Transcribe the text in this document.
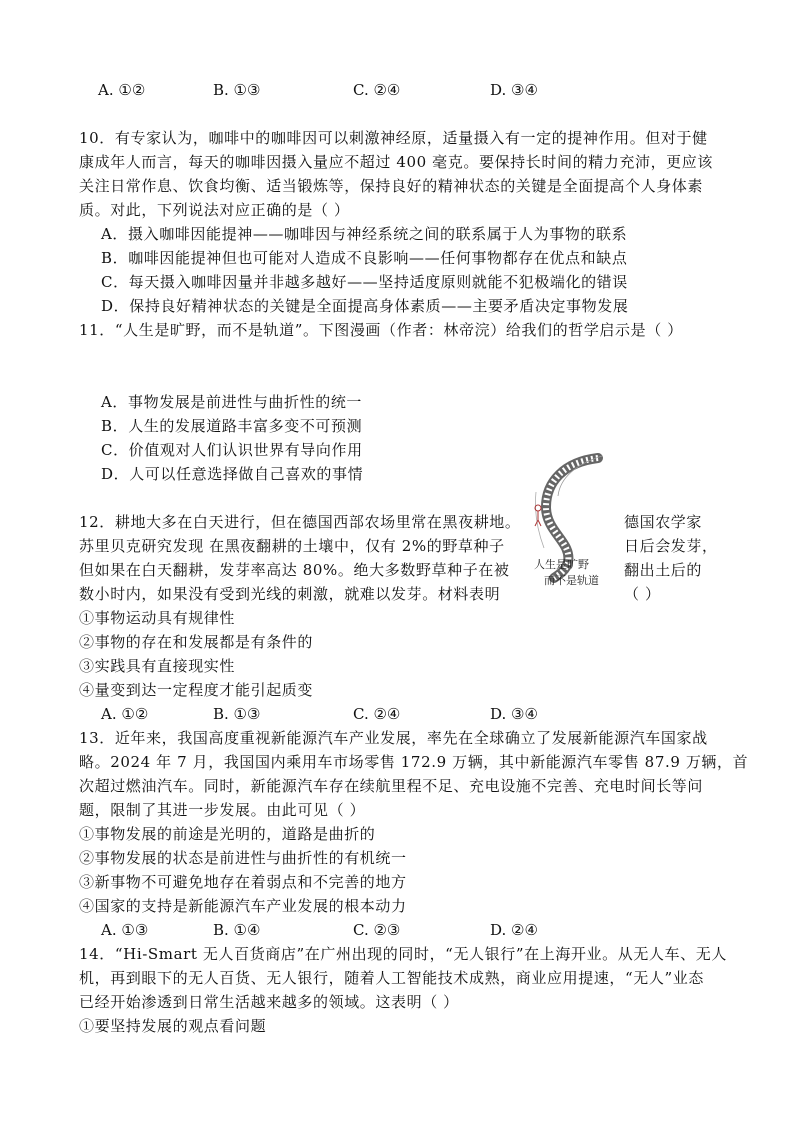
A. ①②	B. ①③	C. ②④	D. ③④
10．有专家认为，咖啡中的咖啡因可以刺激神经原，适量摄入有一定的提神作用。但对于健
康成年人而言，每天的咖啡因摄入量应不超过 400 毫克。要保持长时间的精力充沛，更应该
关注日常作息、饮食均衡、适当锻炼等，保持良好的精神状态的关键是全面提高个人身体素
质。对此，下列说法对应正确的是（ ）
A．摄入咖啡因能提神——咖啡因与神经系统之间的联系属于人为事物的联系
B．咖啡因能提神但也可能对人造成不良影响——任何事物都存在优点和缺点
C．每天摄入咖啡因量并非越多越好——坚持适度原则就能不犯极端化的错误
D．保持良好精神状态的关键是全面提高身体素质——主要矛盾决定事物发展
11．“人生是旷野，而不是轨道”。下图漫画（作者：林帝浣）给我们的哲学启示是（ ）
A．事物发展是前进性与曲折性的统一
B．人生的发展道路丰富多变不可预测
C．价值观对人们认识世界有导向作用
D．人可以任意选择做自己喜欢的事情
人生是旷野
而不是轨道
12．耕地大多在白天进行，但在德国西部农场里常在黑夜耕地。
苏里贝克研究发现 在黑夜翻耕的土壤中，仅有 2%的野草种子
但如果在白天翻耕，发芽率高达 80%。绝大多数野草种子在被
数小时内，如果没有受到光线的刺激，就难以发芽。材料表明
德国农学家
日后会发芽，
翻出土后的
（ ）
①事物运动具有规律性
②事物的存在和发展都是有条件的
③实践具有直接现实性
④量变到达一定程度才能引起质变
A. ①②	B. ①③	C. ②④	D. ③④
13．近年来，我国高度重视新能源汽车产业发展，率先在全球确立了发展新能源汽车国家战
略。2024 年 7 月，我国国内乘用车市场零售 172.9 万辆，其中新能源汽车零售 87.9 万辆，首
次超过燃油汽车。同时，新能源汽车存在续航里程不足、充电设施不完善、充电时间长等问
题，限制了其进一步发展。由此可见（ ）
①事物发展的前途是光明的，道路是曲折的
②事物发展的状态是前进性与曲折性的有机统一
③新事物不可避免地存在着弱点和不完善的地方
④国家的支持是新能源汽车产业发展的根本动力
A. ①③	B. ①④	C. ②③	D. ②④
14．“Hi-Smart 无人百货商店”在广州出现的同时，“无人银行”在上海开业。从无人车、无人
机，再到眼下的无人百货、无人银行，随着人工智能技术成熟，商业应用提速，“无人”业态
已经开始渗透到日常生活越来越多的领域。这表明（ ）
①要坚持发展的观点看问题
